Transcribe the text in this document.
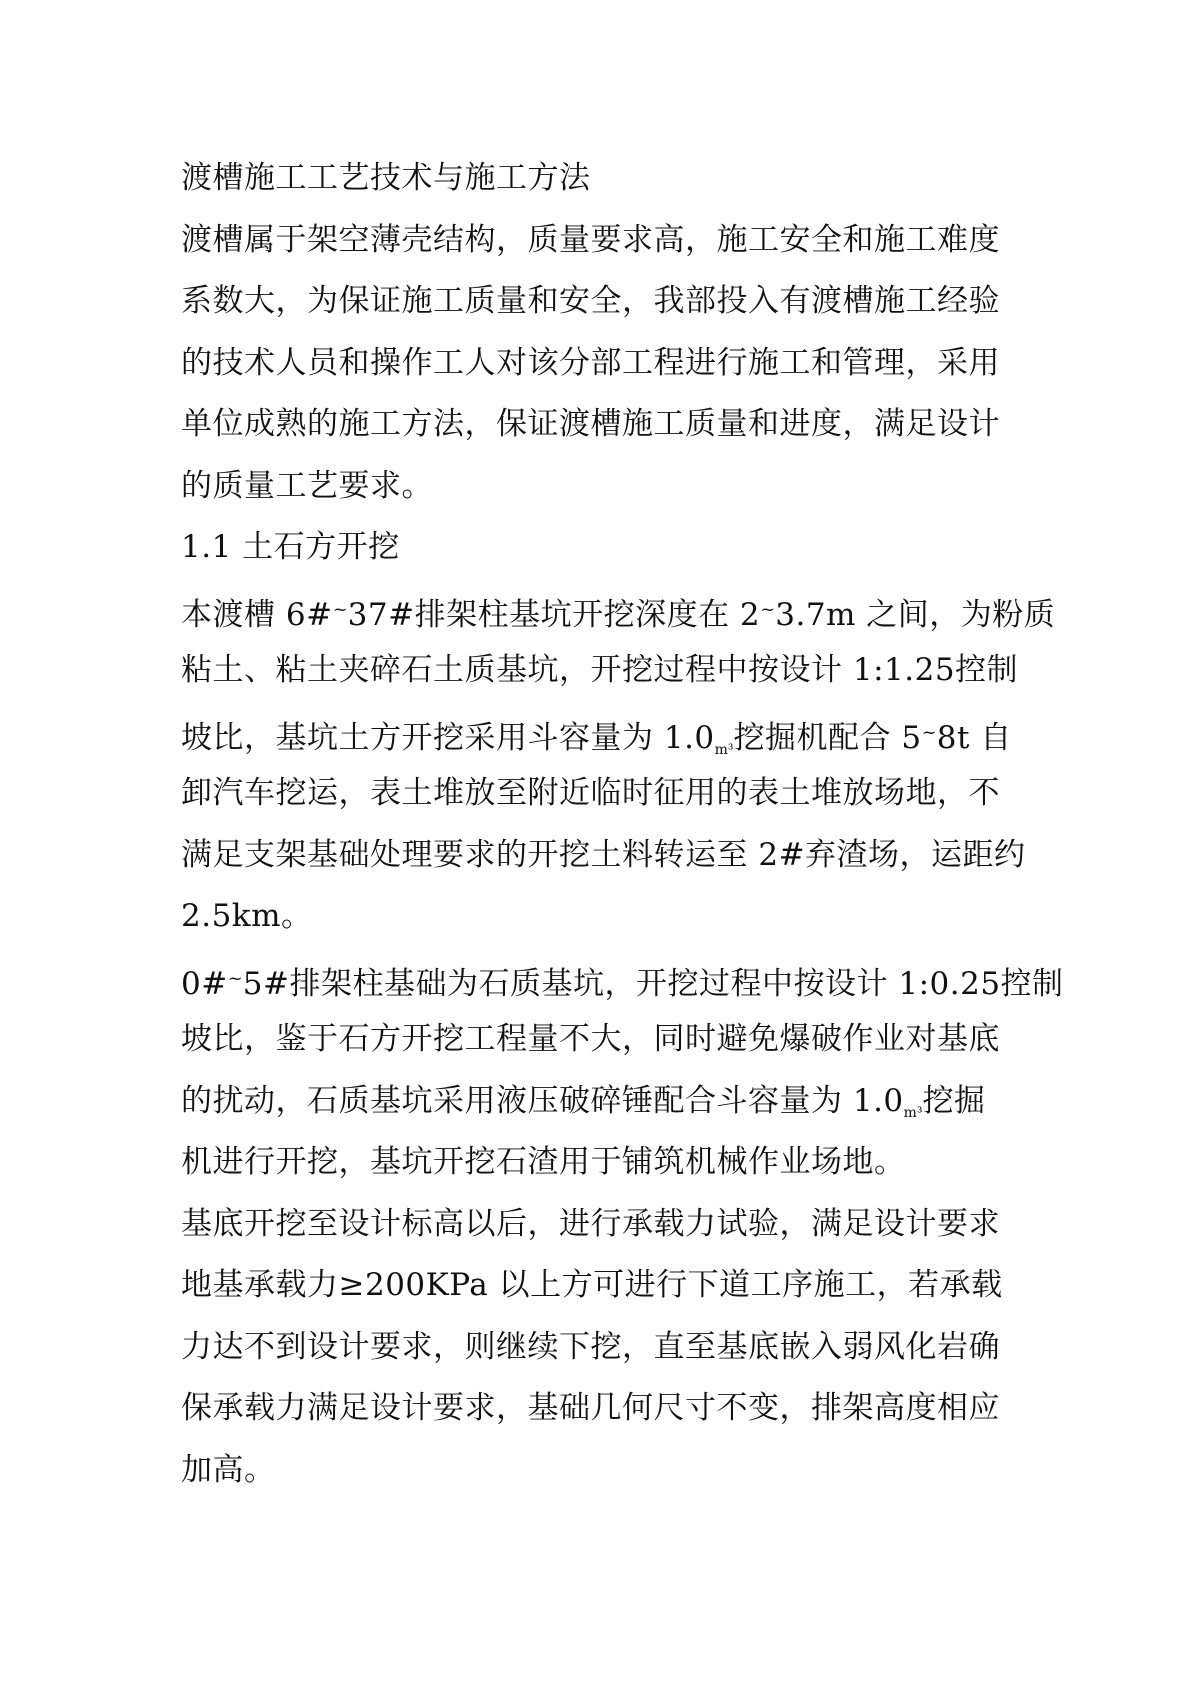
渡槽施工工艺技术与施工方法

渡槽属于架空薄壳结构，质量要求高，施工安全和施工难度
系数大，为保证施工质量和安全，我部投入有渡槽施工经验
的技术人员和操作工人对该分部工程进行施工和管理，采用
单位成熟的施工方法，保证渡槽施工质量和进度，满足设计
的质量工艺要求。

1.1 土石方开挖

本渡槽 6#~37#排架柱基坑开挖深度在 2~3.7m 之间，为粉质
粘土、粘土夹碎石土质基坑，开挖过程中按设计 1:1.25控制
坡比，基坑土方开挖采用斗容量为 $1.0_{m^3}$挖掘机配合 5~8t 自
卸汽车挖运，表土堆放至附近临时征用的表土堆放场地，不
满足支架基础处理要求的开挖土料转运至 2#弃渣场，运距约
2.5km。

0#~5#排架柱基础为石质基坑，开挖过程中按设计 1:0.25控制
坡比，鉴于石方开挖工程量不大，同时避免爆破作业对基底
的扰动，石质基坑采用液压破碎锤配合斗容量为 $1.0_{m^3}$挖掘
机进行开挖，基坑开挖石渣用于铺筑机械作业场地。

基底开挖至设计标高以后，进行承载力试验，满足设计要求
地基承载力≥200KPa 以上方可进行下道工序施工，若承载
力达不到设计要求，则继续下挖，直至基底嵌入弱风化岩确
保承载力满足设计要求，基础几何尺寸不变，排架高度相应
加高。
